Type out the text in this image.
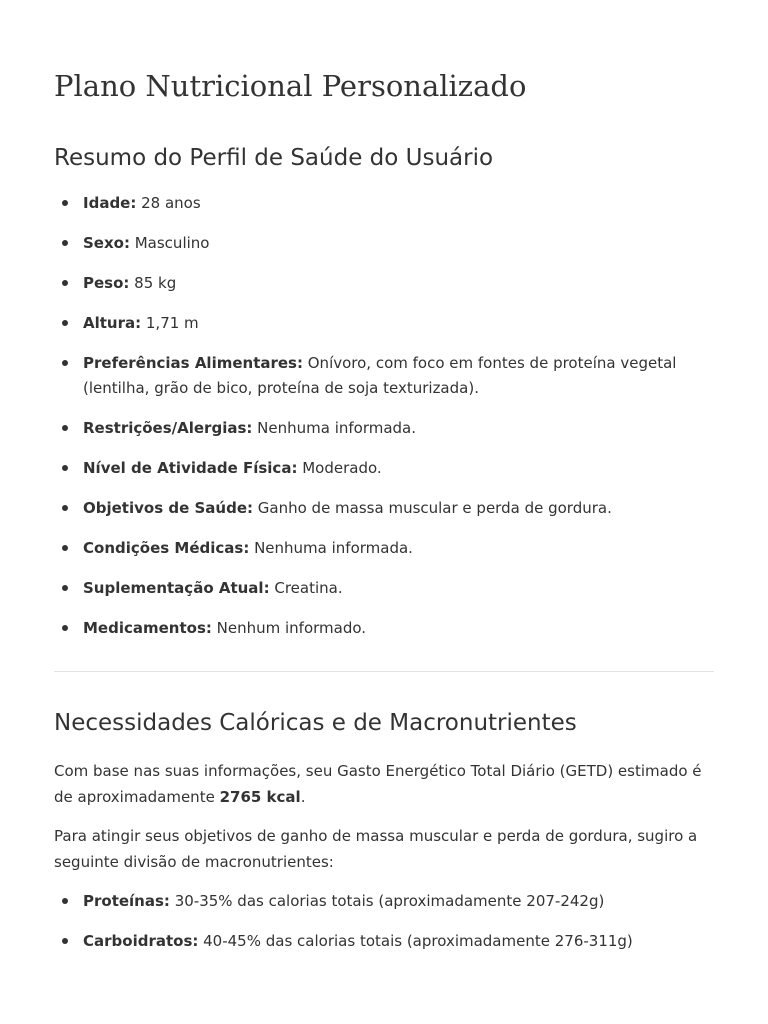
Plano Nutricional Personalizado
Resumo do Perfil de Saúde do Usuário
Idade: 28 anos
Sexo: Masculino
Peso: 85 kg
Altura: 1,71 m
Preferências Alimentares: Onívoro, com foco em fontes de proteína vegetal (lentilha, grão de bico, proteína de soja texturizada).
Restrições/Alergias: Nenhuma informada.
Nível de Atividade Física: Moderado.
Objetivos de Saúde: Ganho de massa muscular e perda de gordura.
Condições Médicas: Nenhuma informada.
Suplementação Atual: Creatina.
Medicamentos: Nenhum informado.
Necessidades Calóricas e de Macronutrientes

Com base nas suas informações, seu Gasto Energético Total Diário (GETD) estimado é de aproximadamente 2765 kcal.

Para atingir seus objetivos de ganho de massa muscular e perda de gordura, sugiro a seguinte divisão de macronutrientes:

Proteínas: 30-35% das calorias totais (aproximadamente 207-242g)
Carboidratos: 40-45% das calorias totais (aproximadamente 276-311g)
